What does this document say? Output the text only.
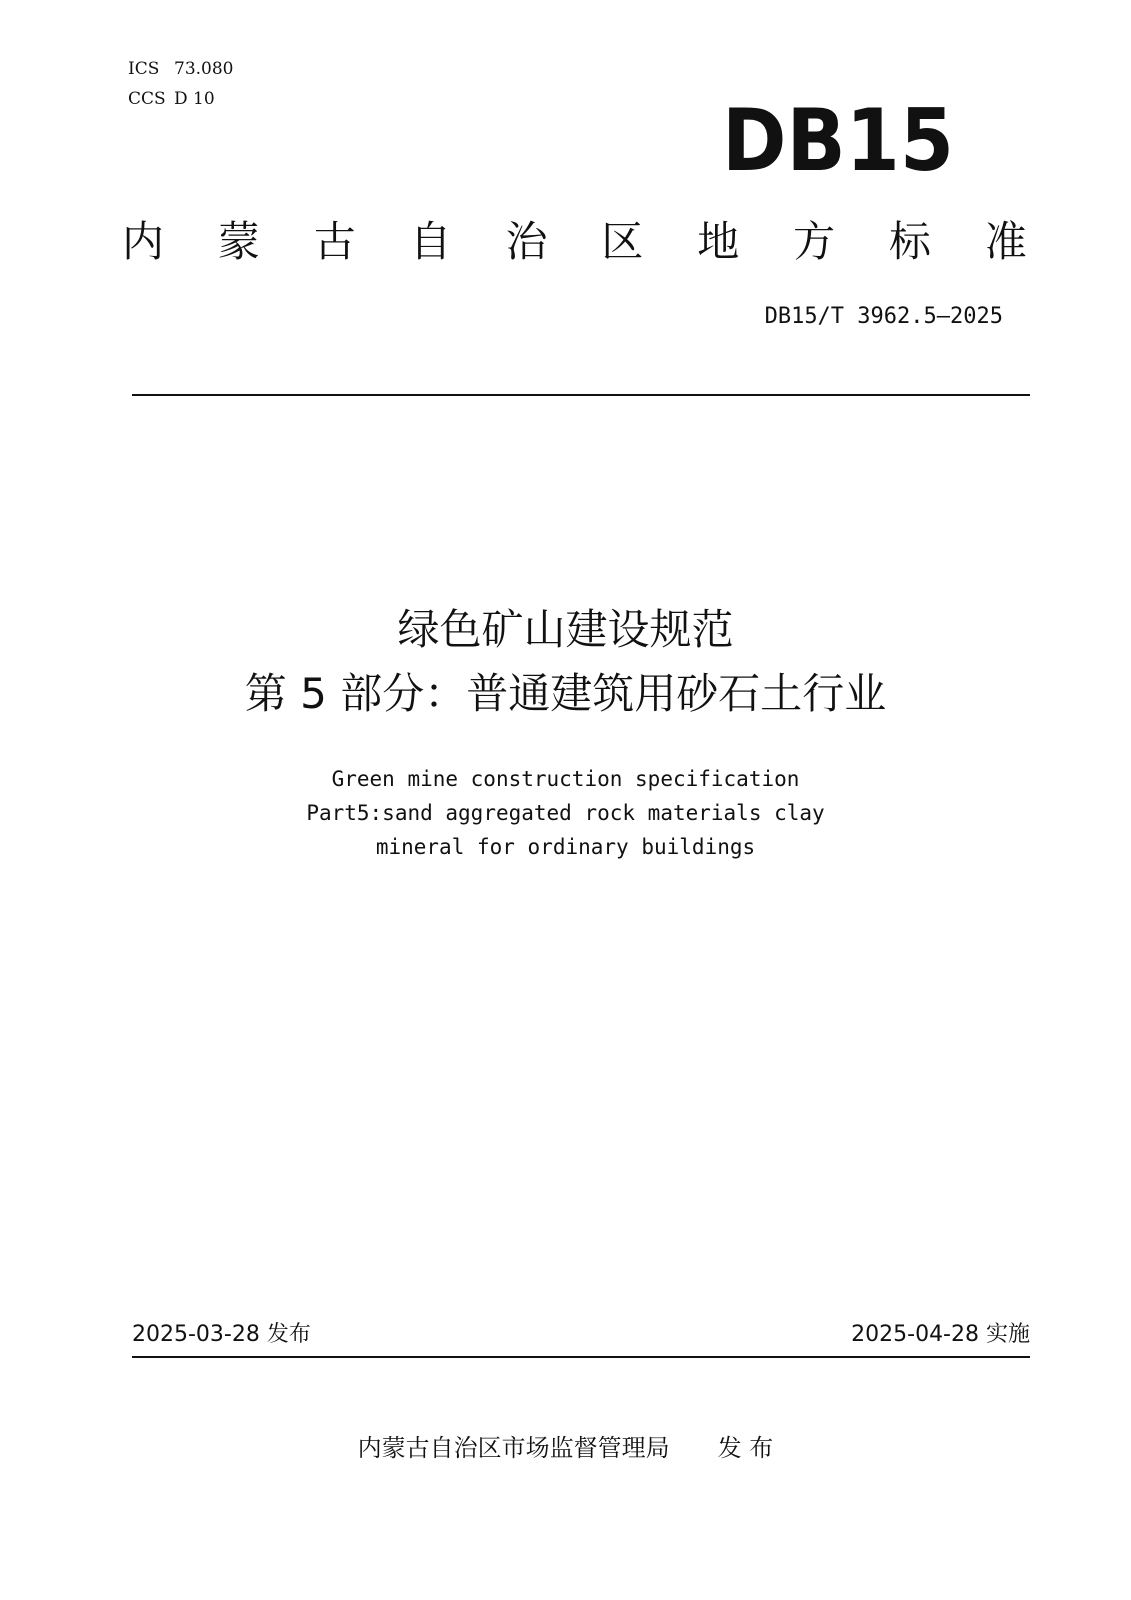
ICS 73.080
CCS D 10	DB15
内 蒙 古 自 治 区 地 方 标 准
DB15/T 3962.5—2025
绿色矿山建设规范
第 5 部分：普通建筑用砂石土行业
Green mine construction specification
Part5:sand aggregated rock materials clay
mineral for ordinary buildings
2025-03-28 发布	2025-04-28 实施
内蒙古自治区市场监督管理局 发 布
